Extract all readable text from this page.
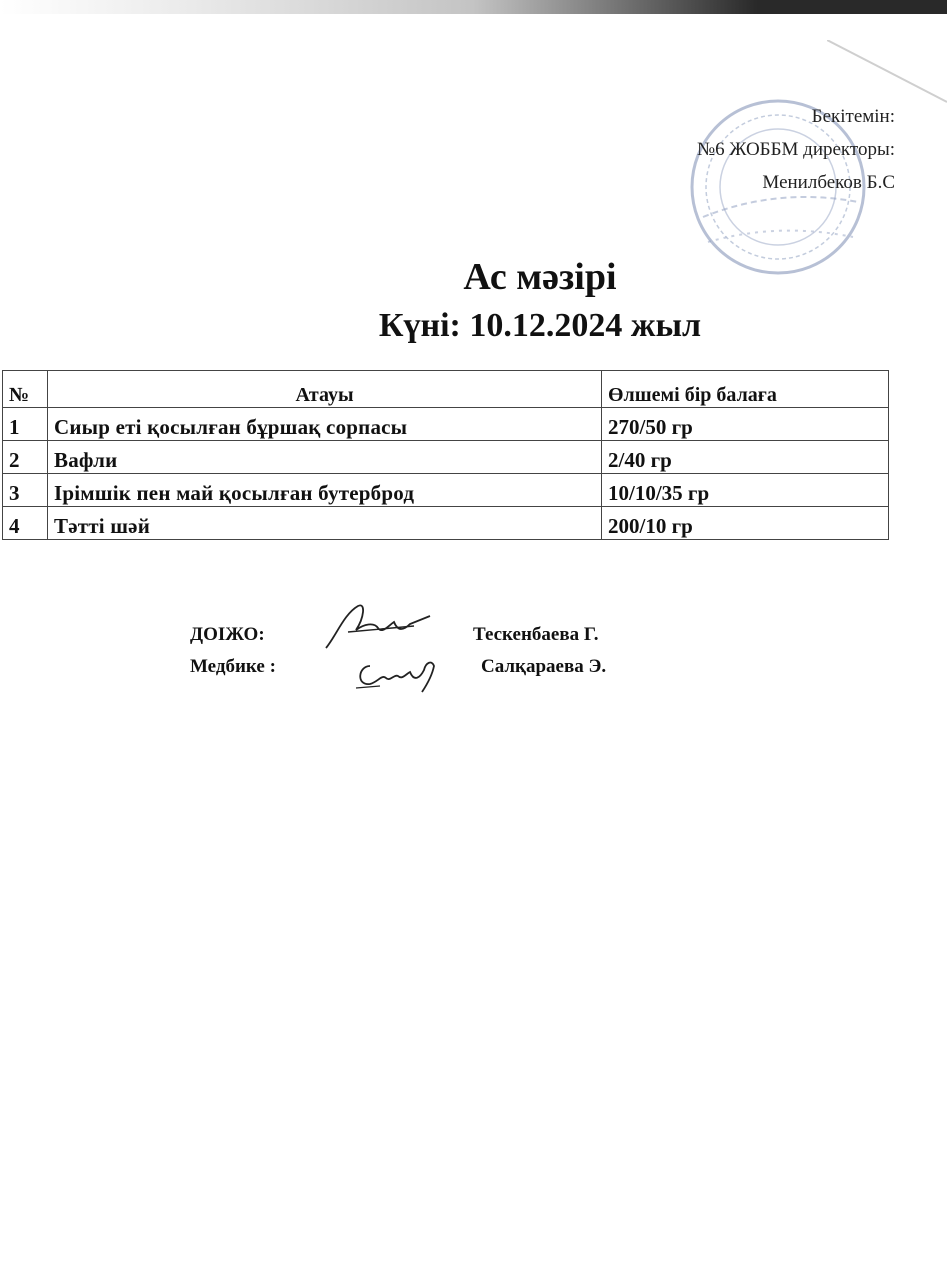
Бекітемін:
№6 ЖОББМ директоры:
Менилбеков Б.С
Ас мәзірі
Күні: 10.12.2024 жыл
№	Атауы	Өлшемі бір балаға
1	Сиыр еті қосылған бұршақ сорпасы	270/50 гр
2	Вафли	2/40 гр
3	Ірімшік пен май қосылған бутерброд	10/10/35 гр
4	Тәтті шәй	200/10 гр
ДОІЖО:	Тескенбаева Г.
Медбике :	Салқараева Э.
